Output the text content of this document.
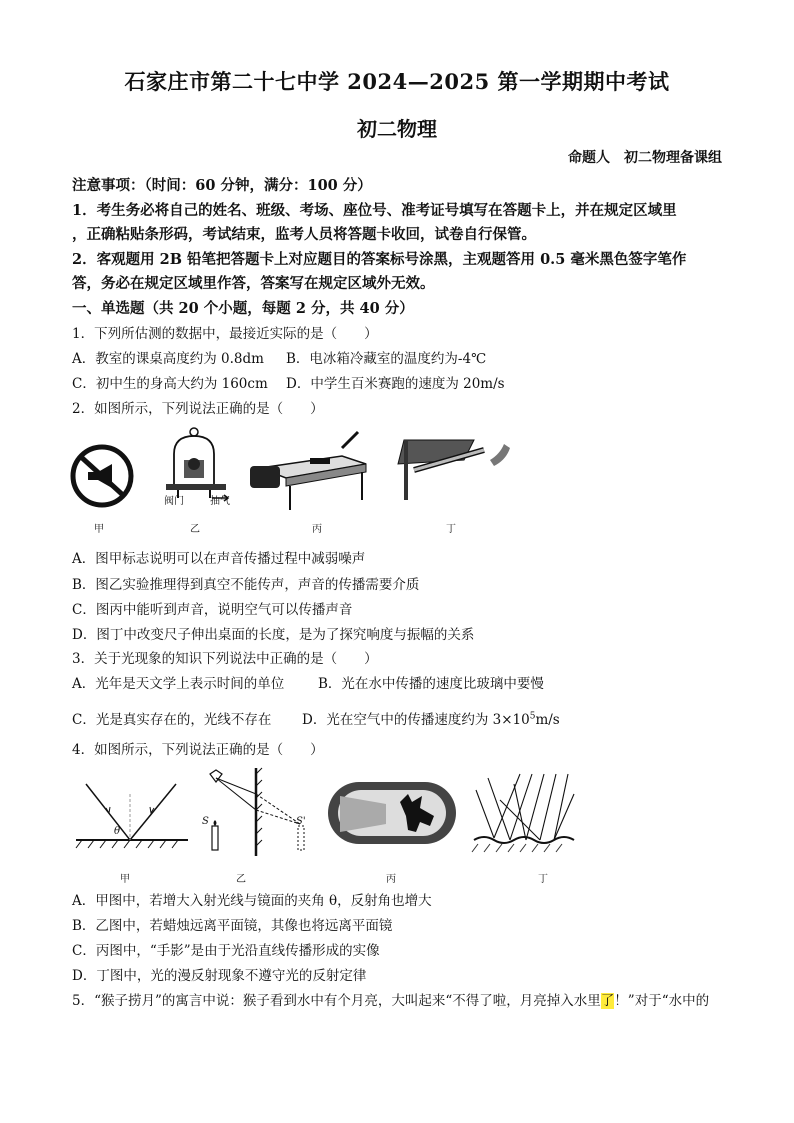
石家庄市第二十七中学 2024—2025 第一学期期中考试
初二物理
命题人 初二物理备课组
注意事项：（时间：60 分钟，满分：100 分）
1．考生务必将自己的姓名、班级、考场、座位号、准考证号填写在答题卡上，并在规定区域里
，正确粘贴条形码，考试结束，监考人员将答题卡收回，试卷自行保管。
2．客观题用 2B 铅笔把答题卡上对应题目的答案标号涂黑，主观题答用 0.5 毫米黑色签字笔作
答，务必在规定区域里作答，答案写在规定区域外无效。
一、单选题（共 20 个小题，每题 2 分，共 40 分）
1．下列所估测的数据中，最接近实际的是（　　）
A．教室的课桌高度约为 0.8dm B．电冰箱冷藏室的温度约为-4℃
C．初中生的身高大约为 160cm D．中学生百米赛跑的速度为 20m/s
2．如图所示，下列说法正确的是（　　）
阀门	抽气
甲	乙	丙	丁
A．图甲标志说明可以在声音传播过程中减弱噪声
B．图乙实验推理得到真空不能传声，声音的传播需要介质
C．图丙中能听到声音，说明空气可以传播声音
D．图丁中改变尺子伸出桌面的长度，是为了探究响度与振幅的关系
3．关于光现象的知识下列说法中正确的是（　　）
A．光年是天文学上表示时间的单位	B．光在水中传播的速度比玻璃中要慢
C．光是真实存在的，光线不存在 D．光在空气中的传播速度约为 $3\times 10^5m/s$
4．如图所示，下列说法正确的是（　　）
θ
S	S'
甲	乙	丙	丁
A．甲图中，若增大入射光线与镜面的夹角 θ，反射角也增大
B．乙图中，若蜡烛远离平面镜，其像也将远离平面镜
C．丙图中，“手影”是由于光沿直线传播形成的实像
D．丁图中，光的漫反射现象不遵守光的反射定律
5．“猴子捞月”的寓言中说：猴子看到水中有个月亮，大叫起来“不得了啦，月亮掉入水里了！”对于“水中的
